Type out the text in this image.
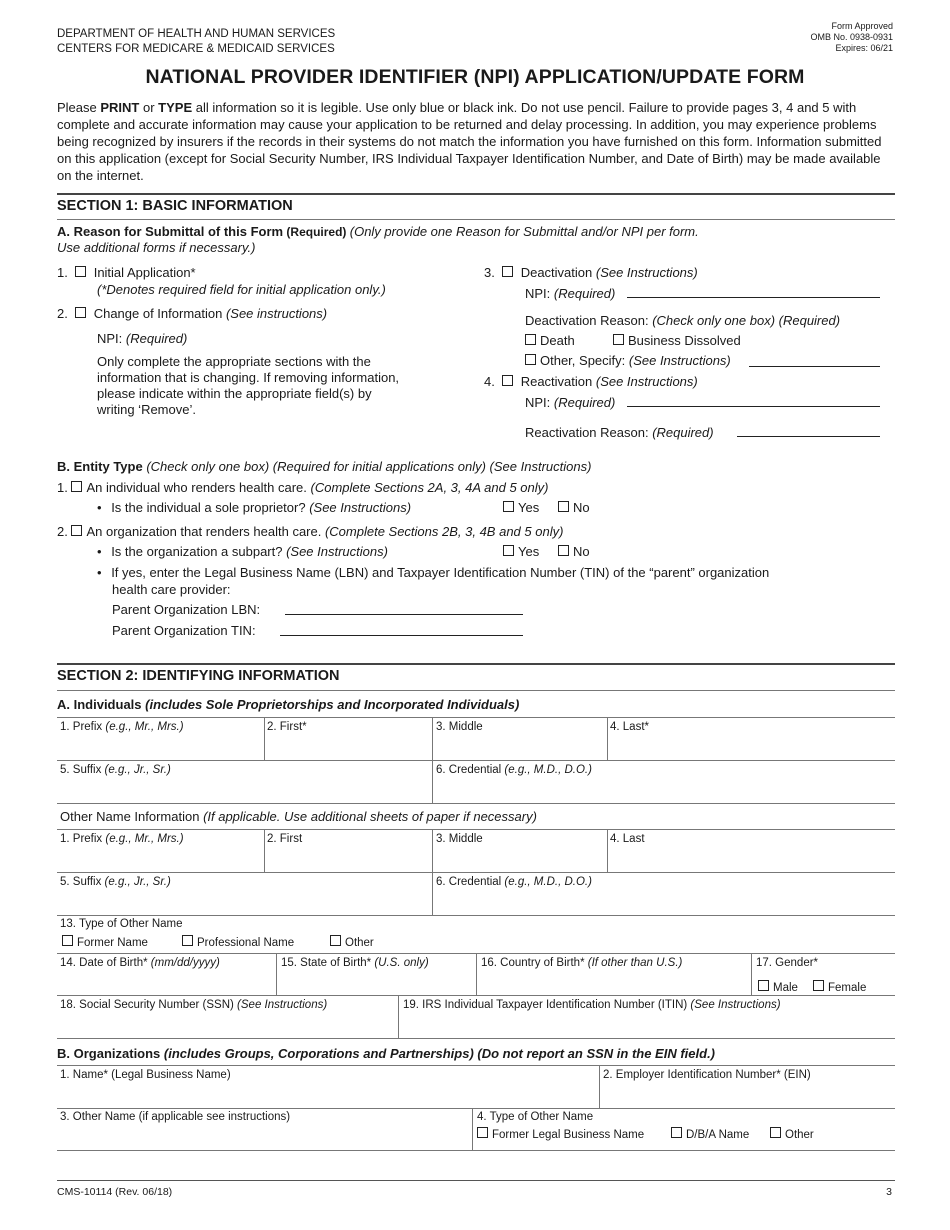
DEPARTMENT OF HEALTH AND HUMAN SERVICES
CENTERS FOR MEDICARE & MEDICAID SERVICES
Form Approved
OMB No. 0938-0931
Expires: 06/21
NATIONAL PROVIDER IDENTIFIER (NPI) APPLICATION/UPDATE FORM
Please PRINT or TYPE all information so it is legible. Use only blue or black ink. Do not use pencil. Failure to provide pages 3, 4 and 5 with complete and accurate information may cause your application to be returned and delay processing. In addition, you may experience problems being recognized by insurers if the records in their systems do not match the information you have furnished on this form. Information submitted on this application (except for Social Security Number, IRS Individual Taxpayer Identification Number, and Date of Birth) may be made available on the internet.
SECTION 1: BASIC INFORMATION
A. Reason for Submittal of this Form (Required) (Only provide one Reason for Submittal and/or NPI per form.
Use additional forms if necessary.)
1. Initial Application*
(*Denotes required field for initial application only.)
2. Change of Information (See instructions)
NPI: (Required)
Only complete the appropriate sections with the
information that is changing. If removing information,
please indicate within the appropriate field(s) by
writing ‘Remove’.
3. Deactivation (See Instructions)
NPI: (Required)
Deactivation Reason: (Check only one box) (Required)
Death	Business Dissolved
Other, Specify: (See Instructions)
4. Reactivation (See Instructions)
NPI: (Required)
Reactivation Reason: (Required)
B. Entity Type (Check only one box) (Required for initial applications only) (See Instructions)
1. An individual who renders health care. (Complete Sections 2A, 3, 4A and 5 only)
• Is the individual a sole proprietor? (See Instructions)	Yes	No
2. An organization that renders health care. (Complete Sections 2B, 3, 4B and 5 only)
• Is the organization a subpart? (See Instructions)	Yes	No
• If yes, enter the Legal Business Name (LBN) and Taxpayer Identification Number (TIN) of the “parent” organization
health care provider:
Parent Organization LBN:
Parent Organization TIN:
SECTION 2: IDENTIFYING INFORMATION
A. Individuals (includes Sole Proprietorships and Incorporated Individuals)
1. Prefix (e.g., Mr., Mrs.)	2. First*	3. Middle	4. Last*
5. Suffix (e.g., Jr., Sr.)	6. Credential (e.g., M.D., D.O.)
Other Name Information (If applicable. Use additional sheets of paper if necessary)
1. Prefix (e.g., Mr., Mrs.)	2. First	3. Middle	4. Last
5. Suffix (e.g., Jr., Sr.)	6. Credential (e.g., M.D., D.O.)
13. Type of Other Name
Former Name	Professional Name	Other
14. Date of Birth* (mm/dd/yyyy)	15. State of Birth* (U.S. only)	16. Country of Birth* (If other than U.S.)	17. Gender*
Male	Female
18. Social Security Number (SSN) (See Instructions)	19. IRS Individual Taxpayer Identification Number (ITIN) (See Instructions)
B. Organizations (includes Groups, Corporations and Partnerships) (Do not report an SSN in the EIN field.)
1. Name* (Legal Business Name)	2. Employer Identification Number* (EIN)
3. Other Name (if applicable see instructions)	4. Type of Other Name
Former Legal Business Name	D/B/A Name	Other
CMS-10114 (Rev. 06/18)	3
